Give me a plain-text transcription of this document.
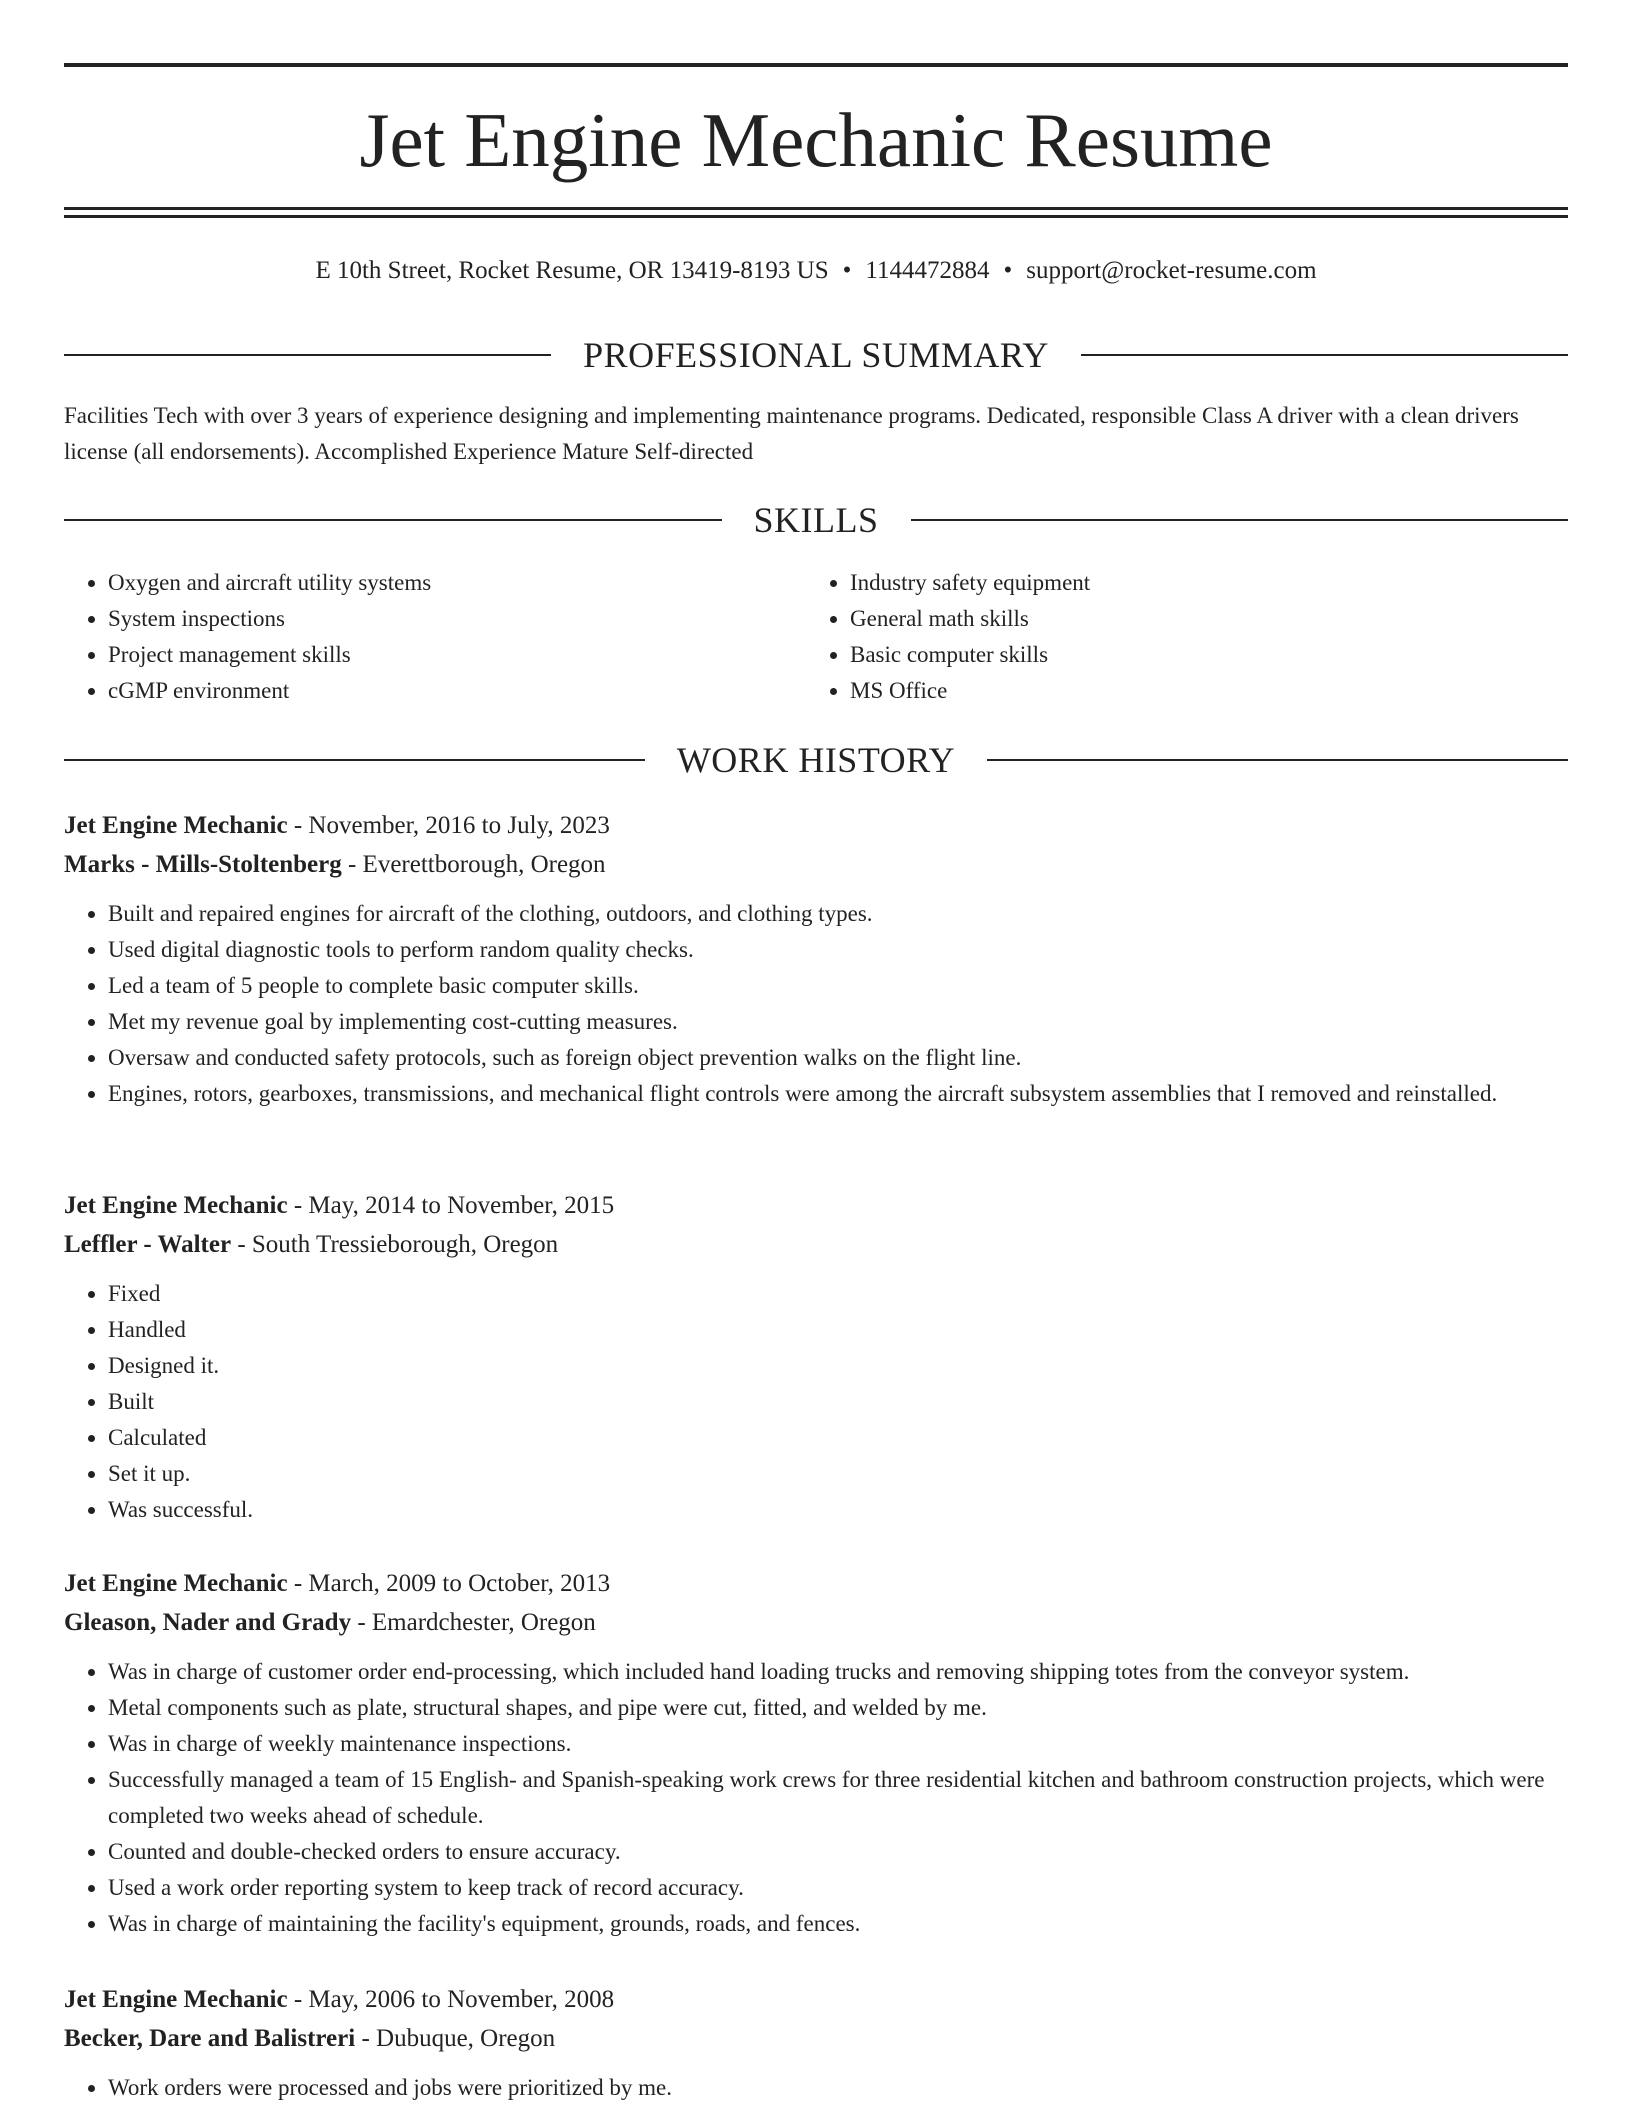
Jet Engine Mechanic Resume
E 10th Street, Rocket Resume, OR 13419-8193 US • 1144472884 • support@rocket-resume.com
PROFESSIONAL SUMMARY

Facilities Tech with over 3 years of experience designing and implementing maintenance programs. Dedicated, responsible Class A driver with a clean drivers license (all endorsements). Accomplished Experience Mature Self-directed

SKILLS
• Oxygen and aircraft utility systems
• System inspections
• Project management skills
• cGMP environment
• Industry safety equipment
• General math skills
• Basic computer skills
• MS Office
WORK HISTORY
Jet Engine Mechanic - November, 2016 to July, 2023
Marks - Mills-Stoltenberg - Everettborough, Oregon
• Built and repaired engines for aircraft of the clothing, outdoors, and clothing types.
• Used digital diagnostic tools to perform random quality checks.
• Led a team of 5 people to complete basic computer skills.
• Met my revenue goal by implementing cost-cutting measures.
• Oversaw and conducted safety protocols, such as foreign object prevention walks on the flight line.
• Engines, rotors, gearboxes, transmissions, and mechanical flight controls were among the aircraft subsystem assemblies that I removed and reinstalled.
Jet Engine Mechanic - May, 2014 to November, 2015
Leffler - Walter - South Tressieborough, Oregon
• Fixed
• Handled
• Designed it.
• Built
• Calculated
• Set it up.
• Was successful.
Jet Engine Mechanic - March, 2009 to October, 2013
Gleason, Nader and Grady - Emardchester, Oregon
• Was in charge of customer order end-processing, which included hand loading trucks and removing shipping totes from the conveyor system.
• Metal components such as plate, structural shapes, and pipe were cut, fitted, and welded by me.
• Was in charge of weekly maintenance inspections.
• Successfully managed a team of 15 English- and Spanish-speaking work crews for three residential kitchen and bathroom construction projects, which were completed two weeks ahead of schedule.
• Counted and double-checked orders to ensure accuracy.
• Used a work order reporting system to keep track of record accuracy.
• Was in charge of maintaining the facility's equipment, grounds, roads, and fences.
Jet Engine Mechanic - May, 2006 to November, 2008
Becker, Dare and Balistreri - Dubuque, Oregon
• Work orders were processed and jobs were prioritized by me.
